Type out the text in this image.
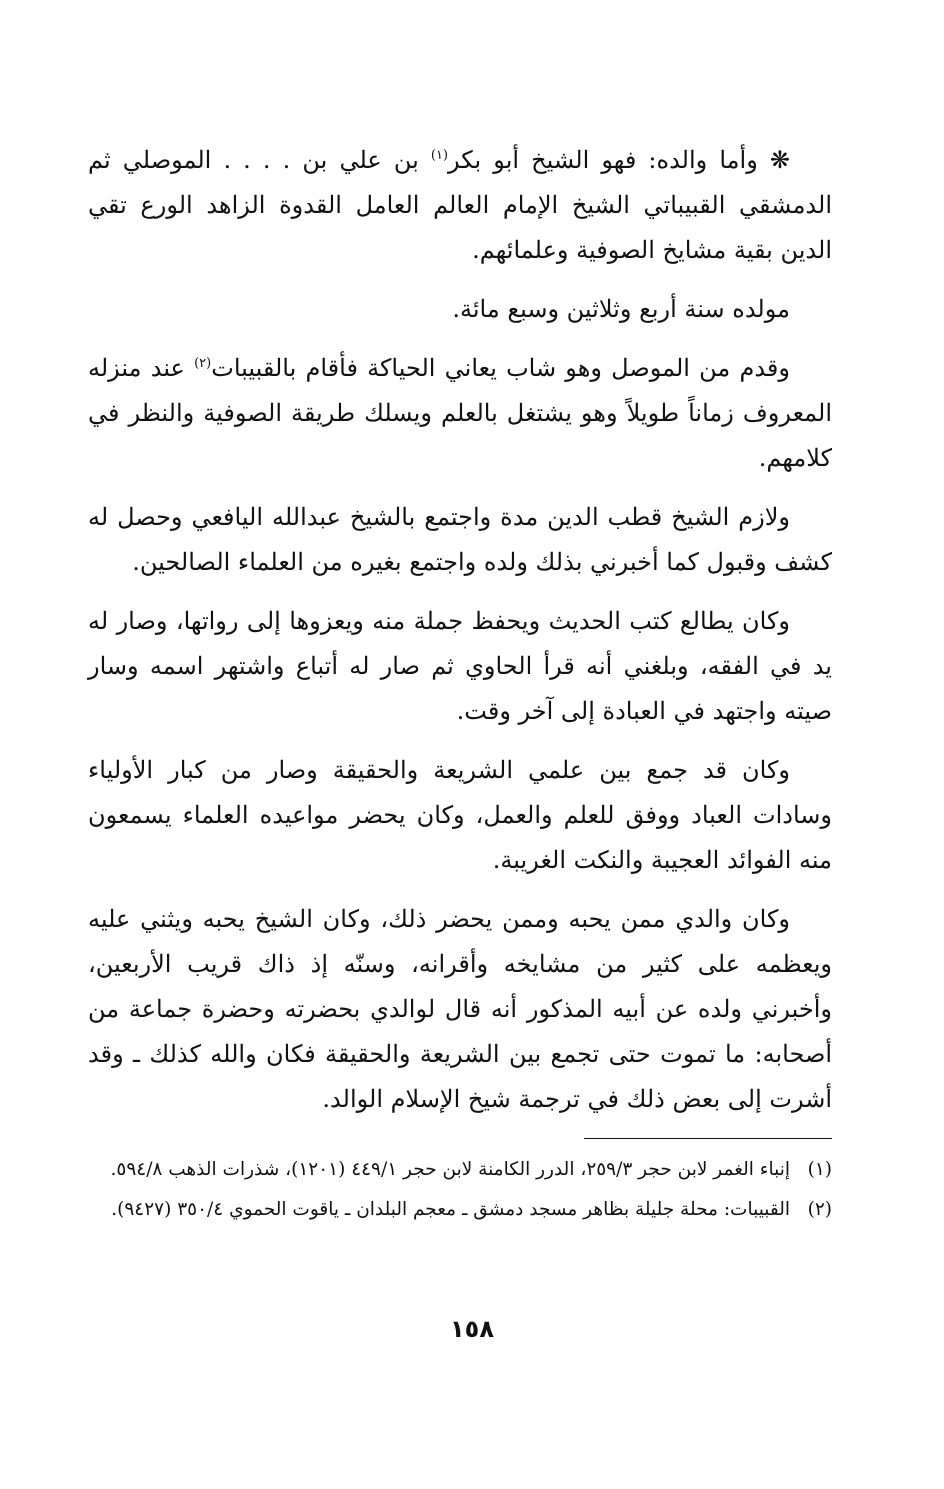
❋ وأما والده: فهو الشيخ أبو بكر$^{(١)}$ بن علي بن . . . . الموصلي ثم الدمشقي القبيباتي الشيخ الإمام العالم العامل القدوة الزاهد الورع تقي الدين بقية مشايخ الصوفية وعلمائهم.

مولده سنة أربع وثلاثين وسبع مائة.

وقدم من الموصل وهو شاب يعاني الحياكة فأقام بالقبيبات$^{(٢)}$ عند منزله المعروف زماناً طويلاً وهو يشتغل بالعلم ويسلك طريقة الصوفية والنظر في كلامهم.

ولازم الشيخ قطب الدين مدة واجتمع بالشيخ عبدالله اليافعي وحصل له كشف وقبول كما أخبرني بذلك ولده واجتمع بغيره من العلماء الصالحين.

وكان يطالع كتب الحديث ويحفظ جملة منه ويعزوها إلى رواتها، وصار له يد في الفقه، وبلغني أنه قرأ الحاوي ثم صار له أتباع واشتهر اسمه وسار صيته واجتهد في العبادة إلى آخر وقت.

وكان قد جمع بين علمي الشريعة والحقيقة وصار من كبار الأولياء وسادات العباد ووفق للعلم والعمل، وكان يحضر مواعيده العلماء يسمعون منه الفوائد العجيبة والنكت الغريبة.

وكان والدي ممن يحبه وممن يحضر ذلك، وكان الشيخ يحبه ويثني عليه ويعظمه على كثير من مشايخه وأقرانه، وسنّه إذ ذاك قريب الأربعين، وأخبرني ولده عن أبيه المذكور أنه قال لوالدي بحضرته وحضرة جماعة من أصحابه: ما تموت حتى تجمع بين الشريعة والحقيقة فكان والله كذلك ـ وقد أشرت إلى بعض ذلك في ترجمة شيخ الإسلام الوالد.

(١)
إنباء الغمر لابن حجر ٢٥٩/٣، الدرر الكامنة لابن حجر ٤٤٩/١ (١٢٠١)، شذرات الذهب ٥٩٤/٨.

(٢)
القبيبات: محلة جليلة بظاهر مسجد دمشق ـ معجم البلدان ـ ياقوت الحموي ٣٥٠/٤ (٩٤٢٧).

١٥٨
